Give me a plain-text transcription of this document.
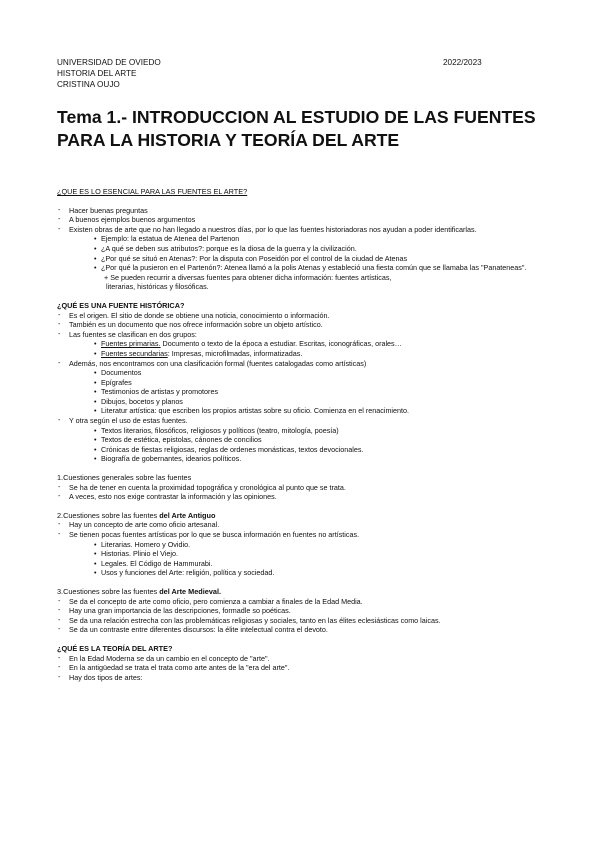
UNIVERSIDAD DE OVIEDO
HISTORIA DEL ARTE
CRISTINA OUJO
2022/2023
Tema 1.- INTRODUCCION AL ESTUDIO DE LAS FUENTES PARA LA HISTORIA Y TEORÍA DEL ARTE

¿QUE ES LO ESENCIAL PARA LAS FUENTES EL ARTE?

- Hacer buenas preguntas
- A buenos ejemplos buenos argumentos
- Existen obras de arte que no han llegado a nuestros días, por lo que las fuentes historiadoras nos ayudan a poder identificarlas.
• Ejemplo: la estatua de Atenea del Partenon
• ¿A qué se deben sus atributos?: porque es la diosa de la guerra y la civilización.
• ¿Por qué se situó en Atenas?: Por la disputa con Poseidón por el control de la ciudad de Atenas
• ¿Por qué la pusieron en el Partenón?: Atenea llamó a la polis Atenas y estableció una fiesta común que se llamaba las "Panateneas".
+ Se pueden recurrir a diversas fuentes para obtener dicha información: fuentes artísticas,
literarias, históricas y filosóficas.

¿QUÉ ES UNA FUENTE HISTÓRICA?

- Es el origen. El sitio de donde se obtiene una noticia, conocimiento o información.
- También es un documento que nos ofrece información sobre un objeto artístico.
- Las fuentes se clasifican en dos grupos:
• Fuentes primarias. Documento o texto de la época a estudiar. Escritas, iconográficas, orales…
• Fuentes secundarias: Impresas, microfilmadas, informatizadas.
- Además, nos encontramos con una clasificación formal (fuentes catalogadas como artísticas)
• Documentos
• Epígrafes
• Testimonios de artistas y promotores
• Dibujos, bocetos y planos
• Literatur artística: que escriben los propios artistas sobre su oficio. Comienza en el renacimiento.
- Y otra según el uso de estas fuentes.
• Textos literarios, filosóficos, religiosos y políticos (teatro, mitología, poesía)
• Textos de estética, epistolas, cánones de concilios
• Crónicas de fiestas religiosas, reglas de ordenes monásticas, textos devocionales.
• Biografía de gobernantes, idearios políticos.

1.Cuestiones generales sobre las fuentes

- Se ha de tener en cuenta la proximidad topográfica y cronológica al punto que se trata.
- A veces, esto nos exige contrastar la información y las opiniones.

2.Cuestiones sobre las fuentes del Arte Antiguo

- Hay un concepto de arte como oficio artesanal.
- Se tienen pocas fuentes artísticas por lo que se busca información en fuentes no artísticas.
• Literarias. Homero y Ovidio.
• Historias. Plinio el Viejo.
• Legales. El Código de Hammurabi.
• Usos y funciones del Arte: religión, política y sociedad.

3.Cuestiones sobre las fuentes del Arte Medieval.

- Se da el concepto de arte como oficio, pero comienza a cambiar a finales de la Edad Media.
- Hay una gran importancia de las descripciones, formadle so poéticas.
- Se da una relación estrecha con las problemáticas religiosas y sociales, tanto en las élites eclesiásticas como laicas.
- Se da un contraste entre diferentes discursos: la élite intelectual contra el devoto.

¿QUÉ ES LA TEORÍA DEL ARTE?

- En la Edad Moderna se da un cambio en el concepto de "arte".
- En la antigüedad se trata el trata como arte antes de la "era del arte".
- Hay dos tipos de artes:
